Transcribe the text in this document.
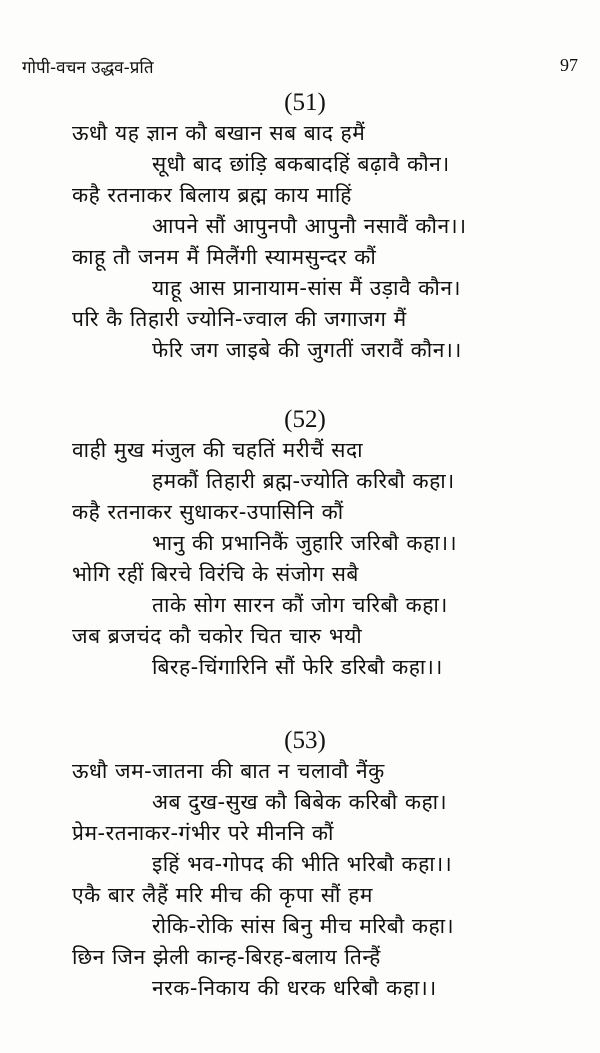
गोपी-वचन उद्धव-प्रति	97
(51)
ऊधौ यह ज्ञान कौ बखान सब बाद हमैं
सूधौ बाद छांड़ि बकबादहिं बढ़ावै कौन।
कहै रतनाकर बिलाय ब्रह्म काय माहिं
आपने सौं आपुनपौ आपुनौ नसावैं कौन।।
काहू तौ जनम मैं मिलैंगी स्यामसुन्दर कौं
याहू आस प्रानायाम-सांस मैं उड़ावै कौन।
परि कै तिहारी ज्योनि-ज्वाल की जगाजग मैं
फेरि जग जाइबे की जुगतीं जरावैं कौन।।
(52)
वाही मुख मंजुल की चहतिं मरीचैं सदा
हमकौं तिहारी ब्रह्म-ज्योति करिबौ कहा।
कहै रतनाकर सुधाकर-उपासिनि कौं
भानु की प्रभानिकैं जुहारि जरिबौ कहा।।
भोगि रहीं बिरचे विरंचि के संजोग सबै
ताके सोग सारन कौं जोग चरिबौ कहा।
जब ब्रजचंद कौ चकोर चित चारु भयौ
बिरह-चिंगारिनि सौं फेरि डरिबौ कहा।।
(53)
ऊधौ जम-जातना की बात न चलावौ नैंकु
अब दुख-सुख कौ बिबेक करिबौ कहा।
प्रेम-रतनाकर-गंभीर परे मीननि कौं
इहिं भव-गोपद की भीति भरिबौ कहा।।
एकै बार लैहैं मरि मीच की कृपा सौं हम
रोकि-रोकि सांस बिनु मीच मरिबौ कहा।
छिन जिन झेली कान्ह-बिरह-बलाय तिन्हैं
नरक-निकाय की धरक धरिबौ कहा।।
